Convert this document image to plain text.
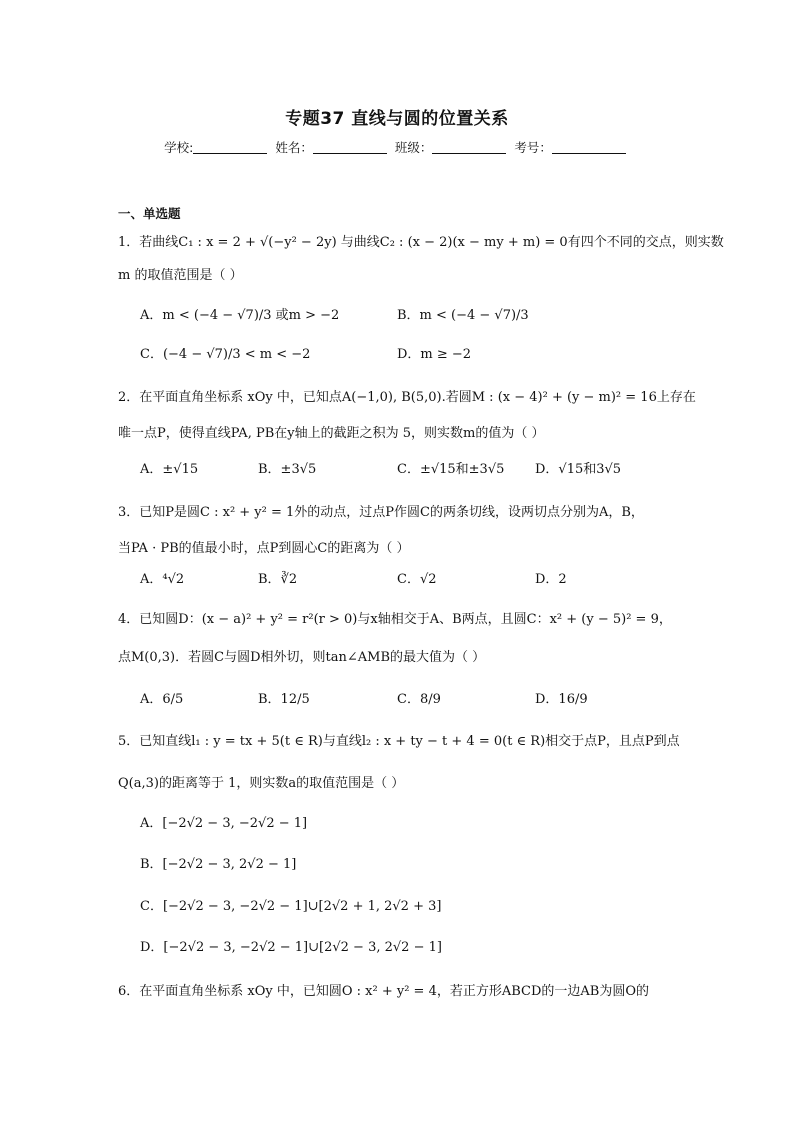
专题37 直线与圆的位置关系
学校:	姓名：	班级：	考号：
一、单选题
1．若曲线C₁ : x = 2 + √(−y² − 2y) 与曲线C₂ : (x − 2)(x − my + m) = 0有四个不同的交点，则实数
m 的取值范围是（ ）
A．m < (−4 − √7)/3 或m > −2	B．m < (−4 − √7)/3
C．(−4 − √7)/3 < m < −2	D．m ≥ −2
2．在平面直角坐标系 xOy 中，已知点A(−1,0), B(5,0).若圆M : (x − 4)² + (y − m)² = 16上存在
唯一点P，使得直线PA, PB在y轴上的截距之积为 5，则实数m的值为（ ）
A．±√15	B．±3√5	C．±√15和±3√5 D．√15和3√5
3．已知P是圆C : x² + y² = 1外的动点，过点P作圆C的两条切线，设两切点分别为A，B，
当PA · PB的值最小时，点P到圆心C的距离为（ ）
A．⁴√2	B．∛2	C．√2	D．2
4．已知圆D：(x − a)² + y² = r²(r > 0)与x轴相交于A、B两点，且圆C：x² + (y − 5)² = 9，
点M(0,3)．若圆C与圆D相外切，则tan∠AMB的最大值为（ ）
A．6/5	B．12/5	C．8/9	D．16/9
5．已知直线l₁ : y = tx + 5(t ∈ R)与直线l₂ : x + ty − t + 4 = 0(t ∈ R)相交于点P，且点P到点
Q(a,3)的距离等于 1，则实数a的取值范围是（ ）
A．[−2√2 − 3, −2√2 − 1]
B．[−2√2 − 3, 2√2 − 1]
C．[−2√2 − 3, −2√2 − 1]∪[2√2 + 1, 2√2 + 3]
D．[−2√2 − 3, −2√2 − 1]∪[2√2 − 3, 2√2 − 1]
6．在平面直角坐标系 xOy 中，已知圆O : x² + y² = 4，若正方形ABCD的一边AB为圆O的
